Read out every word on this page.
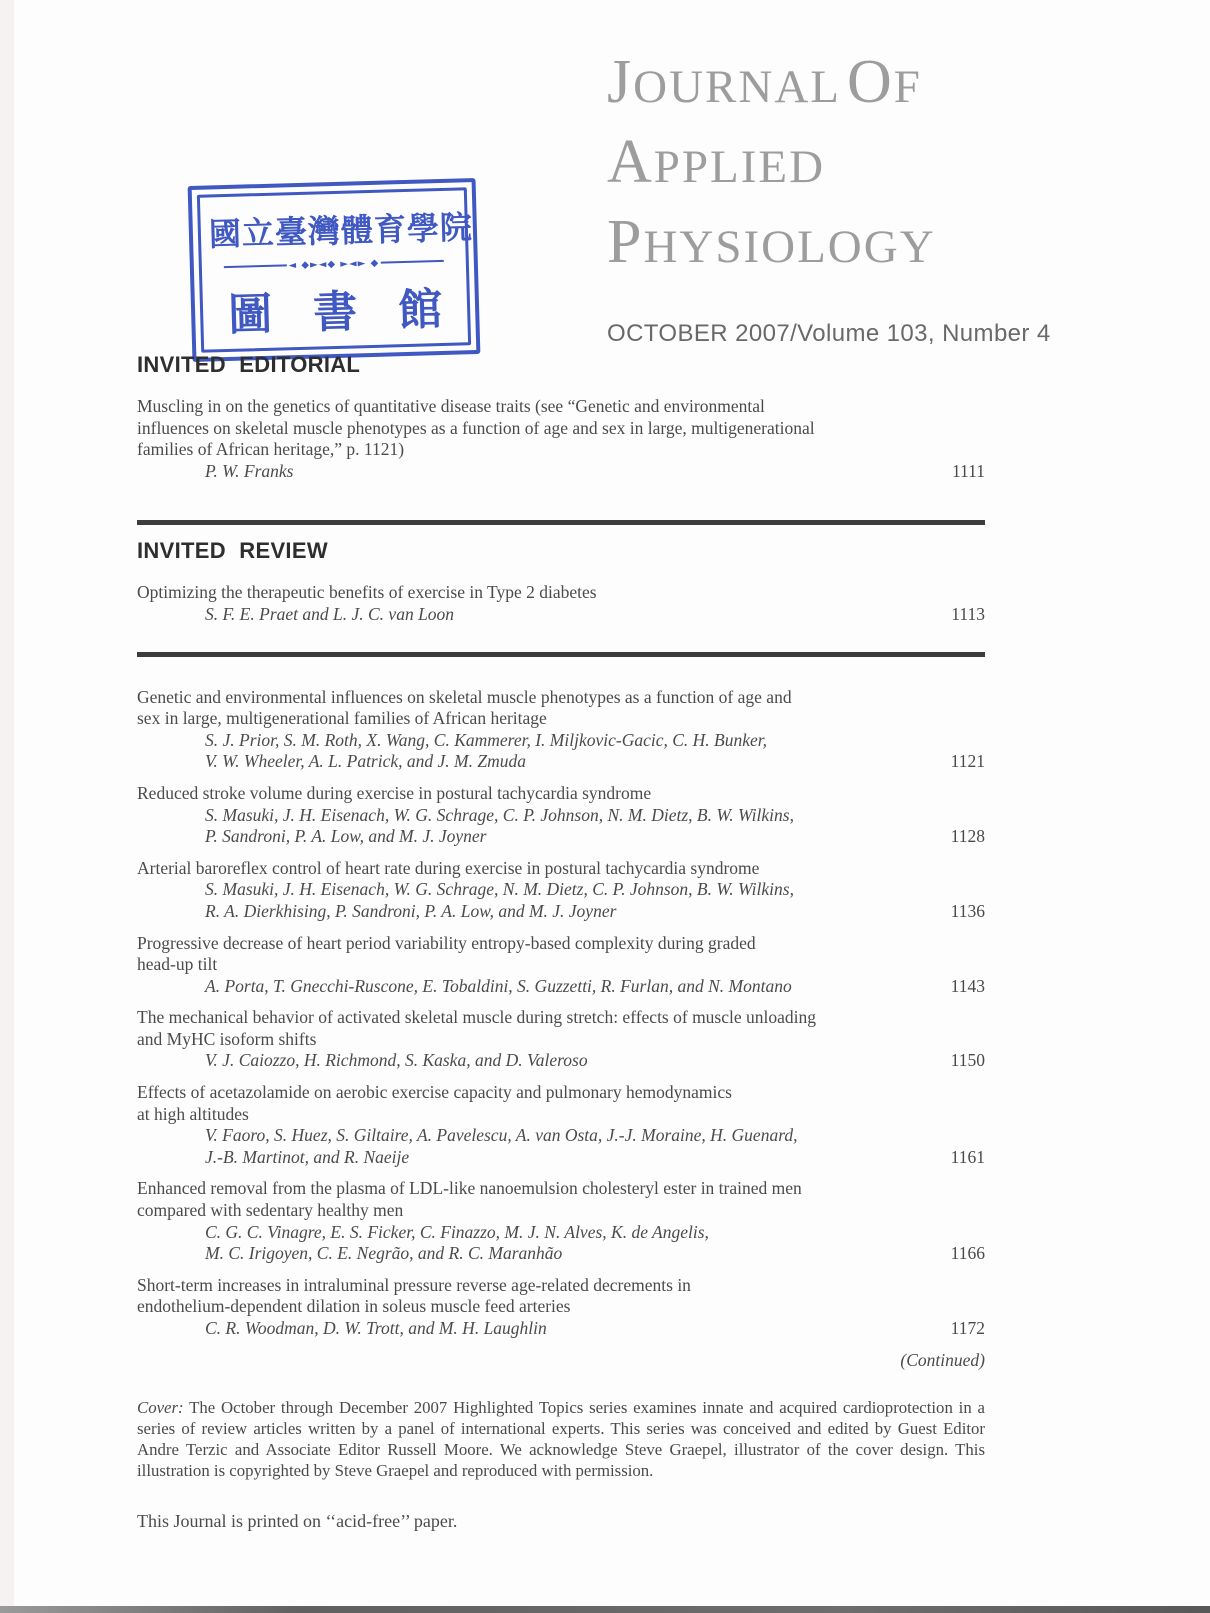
JOURNAL OF
APPLIED
PHYSIOLOGY
OCTOBER 2007/Volume 103, Number 4
國立臺灣體育學院
◄ ◆►◄◆ ►◄► ◆
圖 書 館
INVITED EDITORIAL
Muscling in on the genetics of quantitative disease traits (see “Genetic and environmental
influences on skeletal muscle phenotypes as a function of age and sex in large, multigenerational
families of African heritage,” p. 1121)
P. W. Franks	1111
INVITED REVIEW
Optimizing the therapeutic benefits of exercise in Type 2 diabetes
S. F. E. Praet and L. J. C. van Loon	1113
Genetic and environmental influences on skeletal muscle phenotypes as a function of age and
sex in large, multigenerational families of African heritage
S. J. Prior, S. M. Roth, X. Wang, C. Kammerer, I. Miljkovic-Gacic, C. H. Bunker,
V. W. Wheeler, A. L. Patrick, and J. M. Zmuda	1121
Reduced stroke volume during exercise in postural tachycardia syndrome
S. Masuki, J. H. Eisenach, W. G. Schrage, C. P. Johnson, N. M. Dietz, B. W. Wilkins,
P. Sandroni, P. A. Low, and M. J. Joyner	1128
Arterial baroreflex control of heart rate during exercise in postural tachycardia syndrome
S. Masuki, J. H. Eisenach, W. G. Schrage, N. M. Dietz, C. P. Johnson, B. W. Wilkins,
R. A. Dierkhising, P. Sandroni, P. A. Low, and M. J. Joyner	1136
Progressive decrease of heart period variability entropy-based complexity during graded
head-up tilt
A. Porta, T. Gnecchi-Ruscone, E. Tobaldini, S. Guzzetti, R. Furlan, and N. Montano	1143
The mechanical behavior of activated skeletal muscle during stretch: effects of muscle unloading
and MyHC isoform shifts
V. J. Caiozzo, H. Richmond, S. Kaska, and D. Valeroso	1150
Effects of acetazolamide on aerobic exercise capacity and pulmonary hemodynamics
at high altitudes
V. Faoro, S. Huez, S. Giltaire, A. Pavelescu, A. van Osta, J.-J. Moraine, H. Guenard,
J.-B. Martinot, and R. Naeije	1161
Enhanced removal from the plasma of LDL-like nanoemulsion cholesteryl ester in trained men
compared with sedentary healthy men
C. G. C. Vinagre, E. S. Ficker, C. Finazzo, M. J. N. Alves, K. de Angelis,
M. C. Irigoyen, C. E. Negrão, and R. C. Maranhão	1166
Short-term increases in intraluminal pressure reverse age-related decrements in
endothelium-dependent dilation in soleus muscle feed arteries
C. R. Woodman, D. W. Trott, and M. H. Laughlin	1172
(Continued)

Cover: The October through December 2007 Highlighted Topics series examines innate and acquired cardioprotection in a series of review articles written by a panel of international experts. This series was conceived and edited by Guest Editor Andre Terzic and Associate Editor Russell Moore. We acknowledge Steve Graepel, illustrator of the cover design. This illustration is copyrighted by Steve Graepel and reproduced with permission.

This Journal is printed on ‘‘acid-free’’ paper.
